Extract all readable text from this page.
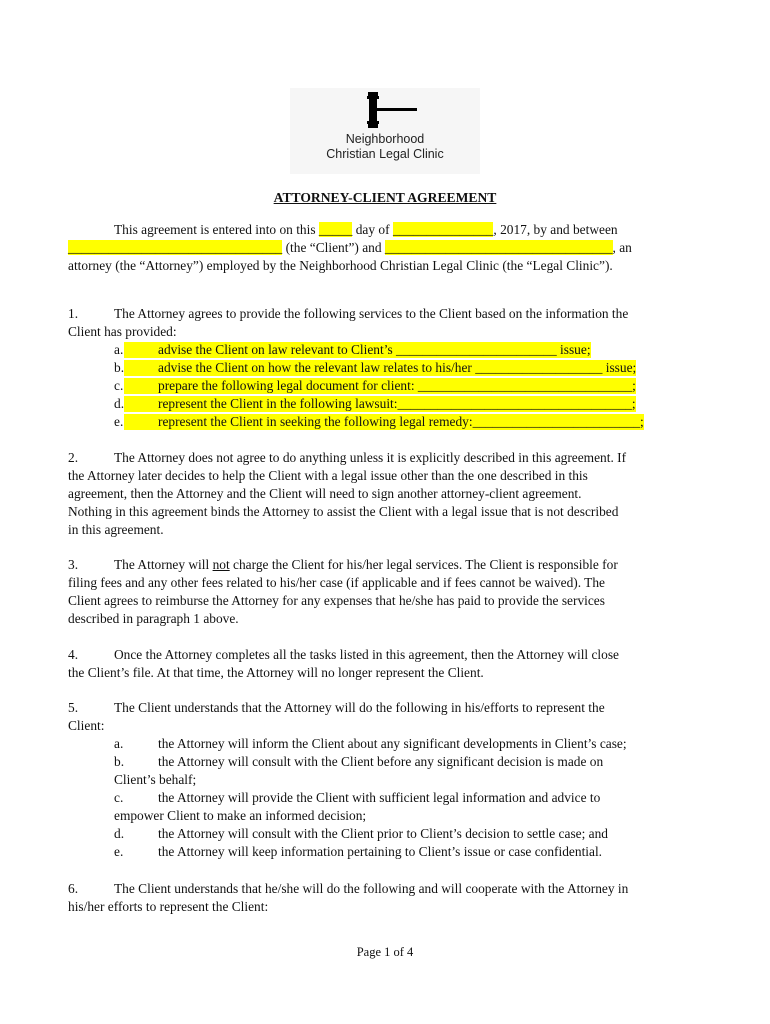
Neighborhood
Christian Legal Clinic
ATTORNEY-CLIENT AGREEMENT
This agreement is entered into on this _____ day of _______________, 2017, by and between
________________________________ (the “Client”) and __________________________________, an
attorney (the “Attorney”) employed by the Neighborhood Christian Legal Clinic (the “Legal Clinic”).
1.	The Attorney agrees to provide the following services to the Client based on the information the
Client has provided:
a.	advise the Client on law relevant to Client’s ________________________ issue;
b.	advise the Client on how the relevant law relates to his/her ___________________ issue;
c.	prepare the following legal document for client: ________________________________;
d.	represent the Client in the following lawsuit:___________________________________;
e.	represent the Client in seeking the following legal remedy:_________________________;
2.	The Attorney does not agree to do anything unless it is explicitly described in this agreement. If
the Attorney later decides to help the Client with a legal issue other than the one described in this
agreement, then the Attorney and the Client will need to sign another attorney-client agreement.
Nothing in this agreement binds the Attorney to assist the Client with a legal issue that is not described
in this agreement.
3.	The Attorney will not charge the Client for his/her legal services. The Client is responsible for
filing fees and any other fees related to his/her case (if applicable and if fees cannot be waived). The
Client agrees to reimburse the Attorney for any expenses that he/she has paid to provide the services
described in paragraph 1 above.
4.	Once the Attorney completes all the tasks listed in this agreement, then the Attorney will close
the Client’s file. At that time, the Attorney will no longer represent the Client.
5.	The Client understands that the Attorney will do the following in his/efforts to represent the
Client:
a.	the Attorney will inform the Client about any significant developments in Client’s case;
b.	the Attorney will consult with the Client before any significant decision is made on
Client’s behalf;
c.	the Attorney will provide the Client with sufficient legal information and advice to
empower Client to make an informed decision;
d.	the Attorney will consult with the Client prior to Client’s decision to settle case; and
e.	the Attorney will keep information pertaining to Client’s issue or case confidential.
6.	The Client understands that he/she will do the following and will cooperate with the Attorney in
his/her efforts to represent the Client:
Page 1 of 4
